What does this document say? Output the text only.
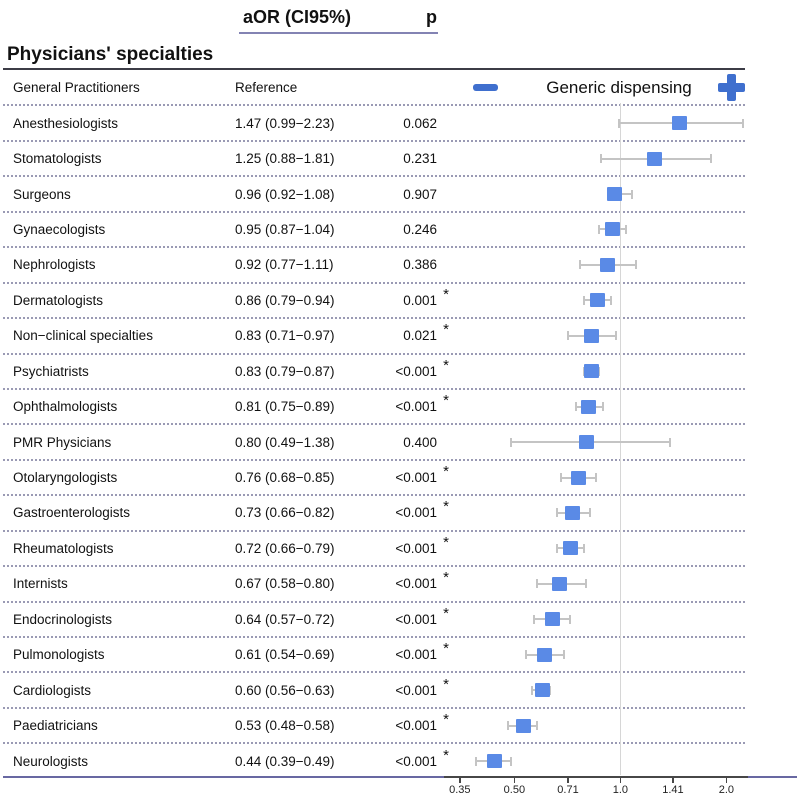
aOR (CI95%)	p
Physicians' specialties
General Practitioners	Reference	Generic dispensing
Anesthesiologists	1.47 (0.99−2.23)	0.062
Stomatologists	1.25 (0.88−1.81)	0.231
Surgeons	0.96 (0.92−1.08)	0.907
Gynaecologists	0.95 (0.87−1.04)	0.246
Nephrologists	0.92 (0.77−1.11)	0.386
Dermatologists	0.86 (0.79−0.94)	0.001 *
Non−clinical specialties	0.83 (0.71−0.97)	0.021 *
Psychiatrists	0.83 (0.79−0.87)	<0.001 *
Ophthalmologists	0.81 (0.75−0.89)	<0.001 *
PMR Physicians	0.80 (0.49−1.38)	0.400
Otolaryngologists	0.76 (0.68−0.85)	<0.001 *
Gastroenterologists	0.73 (0.66−0.82)	<0.001 *
Rheumatologists	0.72 (0.66−0.79)	<0.001 *
Internists	0.67 (0.58−0.80)	<0.001 *
Endocrinologists	0.64 (0.57−0.72)	<0.001 *
Pulmonologists	0.61 (0.54−0.69)	<0.001 *
Cardiologists	0.60 (0.56−0.63)	<0.001 *
Paediatricians	0.53 (0.48−0.58)	<0.001 *
Neurologists	0.44 (0.39−0.49)	<0.001 *
0.35	0.50	0.71	1.0	1.41	2.0
